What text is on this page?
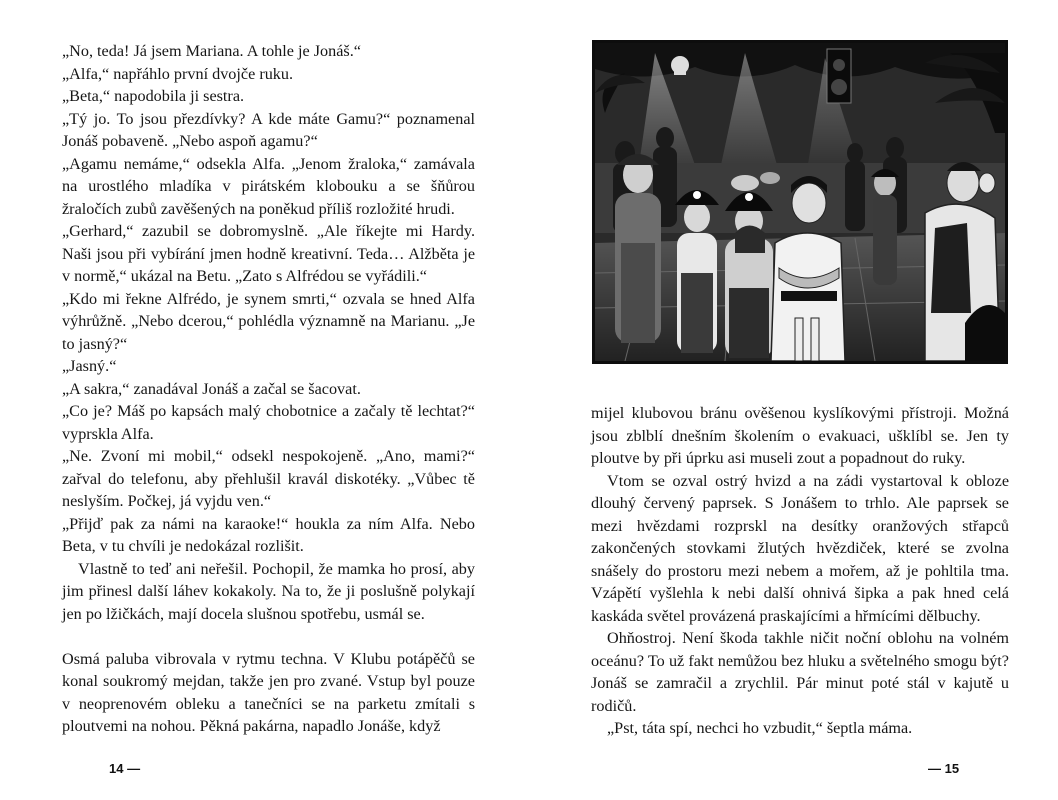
„No, teda! Já jsem Mariana. A tohle je Jonáš.“

„Alfa,“ napřáhlo první dvojče ruku.

„Beta,“ napodobila ji sestra.

„Tý jo. To jsou přezdívky? A kde máte Gamu?“ poznamenal Jonáš pobaveně. „Nebo aspoň agamu?“

„Agamu nemáme,“ odsekla Alfa. „Jenom žraloka,“ zamávala na urostlého mladíka v pirátském klobouku a se šňůrou žraločích zubů zavěšených na poněkud příliš rozložité hrudi.

„Gerhard,“ zazubil se dobromyslně. „Ale říkejte mi Hardy. Naši jsou při vybírání jmen hodně kreativní. Teda… Alžběta je v normě,“ ukázal na Betu. „Zato s Alfrédou se vyřádili.“

„Kdo mi řekne Alfrédo, je synem smrti,“ ozvala se hned Alfa výhrůžně. „Nebo dcerou,“ pohlédla významně na Marianu. „Je to jasný?“

„Jasný.“

„A sakra,“ zanadával Jonáš a začal se šacovat.

„Co je? Máš po kapsách malý chobotnice a začaly tě lechtat?“ vyprskla Alfa.

„Ne. Zvoní mi mobil,“ odsekl nespokojeně. „Ano, mami?“ zařval do telefonu, aby přehlušil kravál diskotéky. „Vůbec tě neslyším. Počkej, já vyjdu ven.“

„Přijď pak za námi na karaoke!“ houkla za ním Alfa. Nebo Beta, v tu chvíli je nedokázal rozlišit.

Vlastně to teď ani neřešil. Pochopil, že mamka ho prosí, aby jim přinesl další láhev kokakoly. Na to, že ji poslušně polykají jen po lžičkách, mají docela slušnou spotřebu, usmál se.

Osmá paluba vibrovala v rytmu techna. V Klubu potápěčů se konal soukromý mejdan, takže jen pro zvané. Vstup byl pouze v neoprenovém obleku a tanečníci se na parketu zmítali s ploutvemi na nohou. Pěkná pakárna, napadlo Jonáše, když

14 —

mijel klubovou bránu ověšenou kyslíkovými přístroji. Možná jsou zblblí dnešním školením o evakuaci, ušklíbl se. Jen ty ploutve by při úprku asi museli zout a popadnout do ruky.

Vtom se ozval ostrý hvizd a na zádi vystartoval k obloze dlouhý červený paprsek. S Jonášem to trhlo. Ale paprsek se mezi hvězdami rozprskl na desítky oranžových střapců zakončených stovkami žlutých hvězdiček, které se zvolna snášely do prostoru mezi nebem a mořem, až je pohltila tma. Vzápětí vyšlehla k nebi další ohnivá šipka a pak hned celá kaskáda světel provázená praskajícími a hřmícími dělbuchy.

Ohňostroj. Není škoda takhle ničit noční oblohu na volném oceánu? To už fakt nemůžou bez hluku a světelného smogu být? Jonáš se zamračil a zrychlil. Pár minut poté stál v kajutě u rodičů.

„Pst, táta spí, nechci ho vzbudit,“ šeptla máma.

— 15
